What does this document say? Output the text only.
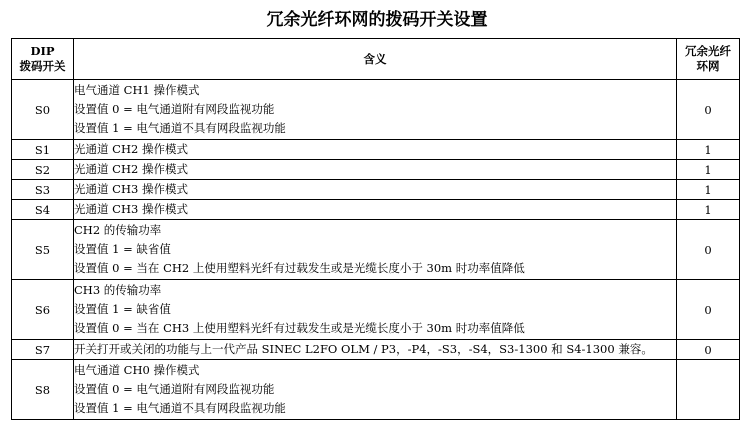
冗余光纤环网的拨码开关设置
DIP
拨码开关	含义	冗余光纤
环网

S0	电气通道 CH1 操作模式
设置值 0 = 电气通道附有网段监视功能
设置值 1 = 电气通道不具有网段监视功能	0
S1	光通道 CH2 操作模式	1
S2	光通道 CH2 操作模式	1
S3	光通道 CH3 操作模式	1
S4	光通道 CH3 操作模式	1
S5	CH2 的传输功率
设置值 1 = 缺省值
设置值 0 = 当在 CH2 上使用塑料光纤有过载发生或是光缆长度小于 30m 时功率值降低	0
S6	CH3 的传输功率
设置值 1 = 缺省值
设置值 0 = 当在 CH3 上使用塑料光纤有过载发生或是光缆长度小于 30m 时功率值降低	0
S7	开关打开或关闭的功能与上一代产品 SINEC L2FO OLM / P3，-P4，-S3，-S4，S3-1300 和 S4-1300 兼容。	0
S8	电气通道 CH0 操作模式
设置值 0 = 电气通道附有网段监视功能
设置值 1 = 电气通道不具有网段监视功能	
